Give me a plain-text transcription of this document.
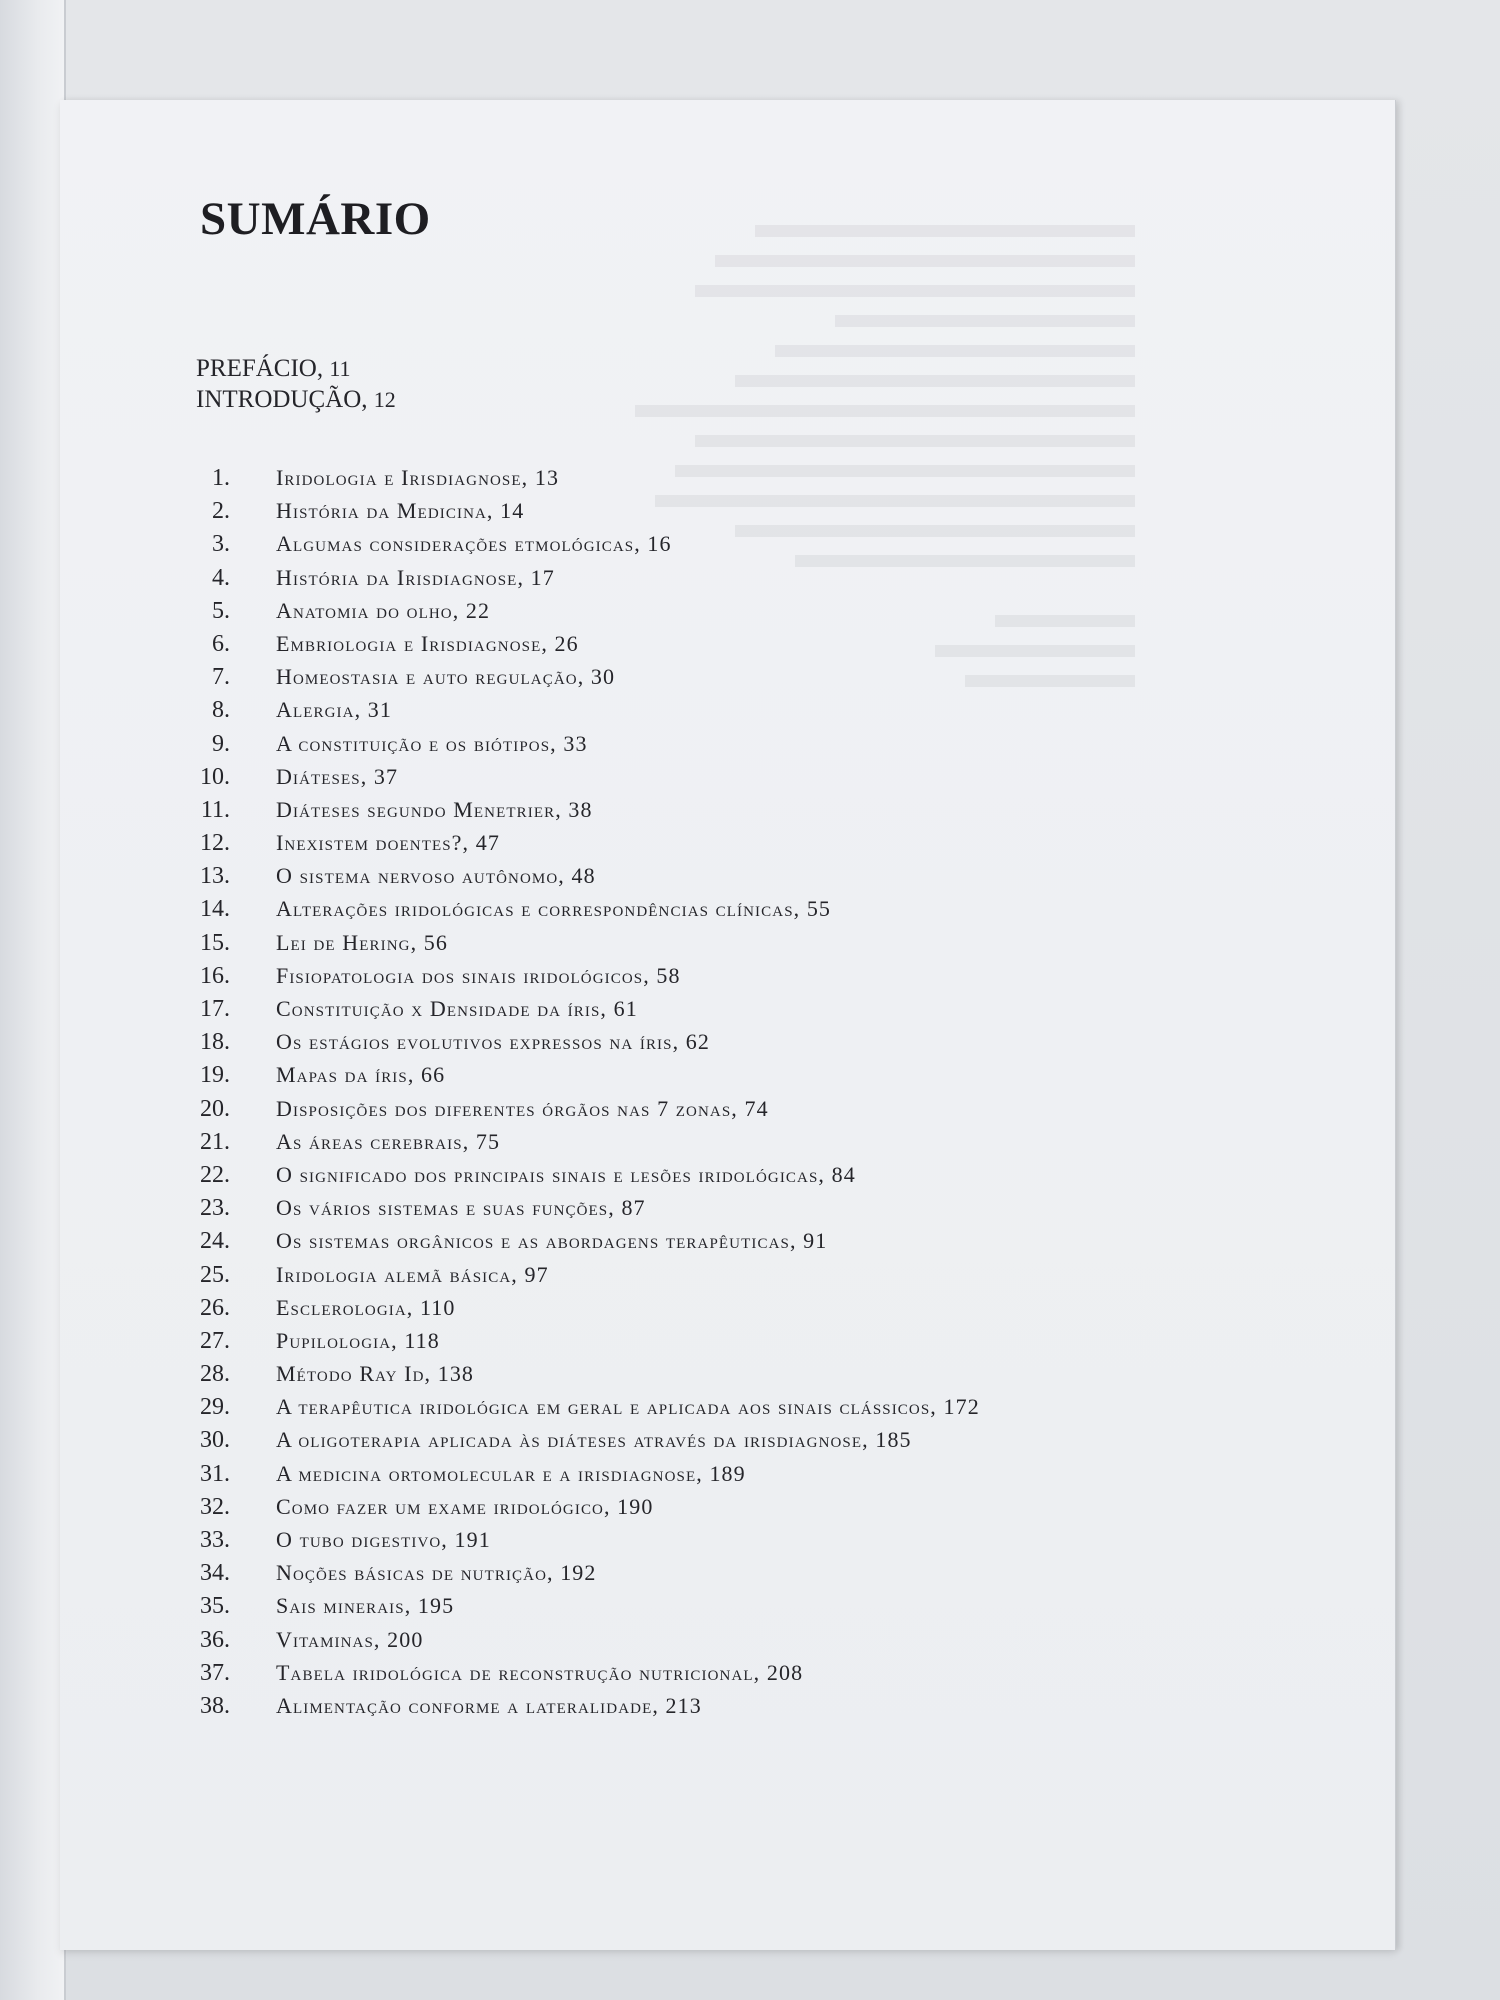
SUMÁRIO
PREFÁCIO, 11
INTRODUÇÃO, 12
1. Iridologia e Irisdiagnose, 13
2. História da Medicina, 14
3. Algumas considerações etmológicas, 16
4. História da Irisdiagnose, 17
5. Anatomia do olho, 22
6. Embriologia e Irisdiagnose, 26
7. Homeostasia e auto regulação, 30
8. Alergia, 31
9. A constituição e os biótipos, 33
10. Diáteses, 37
11. Diáteses segundo Menetrier, 38
12. Inexistem doentes?, 47
13. O sistema nervoso autônomo, 48
14. Alterações iridológicas e correspondências clínicas, 55
15. Lei de Hering, 56
16. Fisiopatologia dos sinais iridológicos, 58
17. Constituição x Densidade da íris, 61
18. Os estágios evolutivos expressos na íris, 62
19. Mapas da íris, 66
20. Disposições dos diferentes órgãos nas 7 zonas, 74
21. As áreas cerebrais, 75
22. O significado dos principais sinais e lesões iridológicas, 84
23. Os vários sistemas e suas funções, 87
24. Os sistemas orgânicos e as abordagens terapêuticas, 91
25. Iridologia alemã básica, 97
26. Esclerologia, 110
27. Pupilologia, 118
28. Método Ray Id, 138
29. A terapêutica iridológica em geral e aplicada aos sinais clássicos, 172
30. A oligoterapia aplicada às diáteses através da irisdiagnose, 185
31. A medicina ortomolecular e a irisdiagnose, 189
32. Como fazer um exame iridológico, 190
33. O tubo digestivo, 191
34. Noções básicas de nutrição, 192
35. Sais minerais, 195
36. Vitaminas, 200
37. Tabela iridológica de reconstrução nutricional, 208
38. Alimentação conforme a lateralidade, 213
